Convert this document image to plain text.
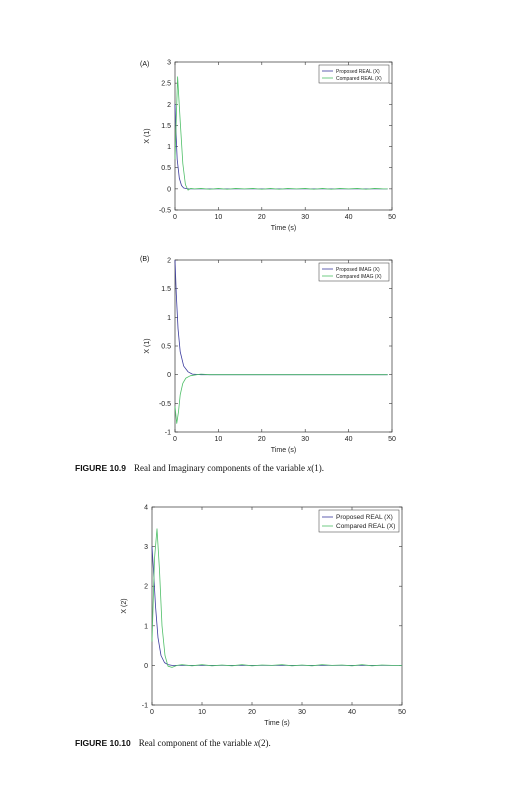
0	10	20	30	40	50
-0.5
0
0.5
1
1.5
2
2.5
3
Time (s)
X (1)
(A)
Proposed REAL (X)
Compared REAL (X)
0	10	20	30	40	50
-1
-0.5
0
0.5
1
1.5
2
Time (s)
X (1)
(B)
Proposed IMAG (X)
Compared IMAG (X)
FIGURE 10.9 Real and Imaginary components of the variable x(1).
0	10	20	30	40	50
-1
0
1
2
3
4
Time (s)
X (2)
Proposed REAL (X)
Compared REAL (X)
FIGURE 10.10 Real component of the variable x(2).
